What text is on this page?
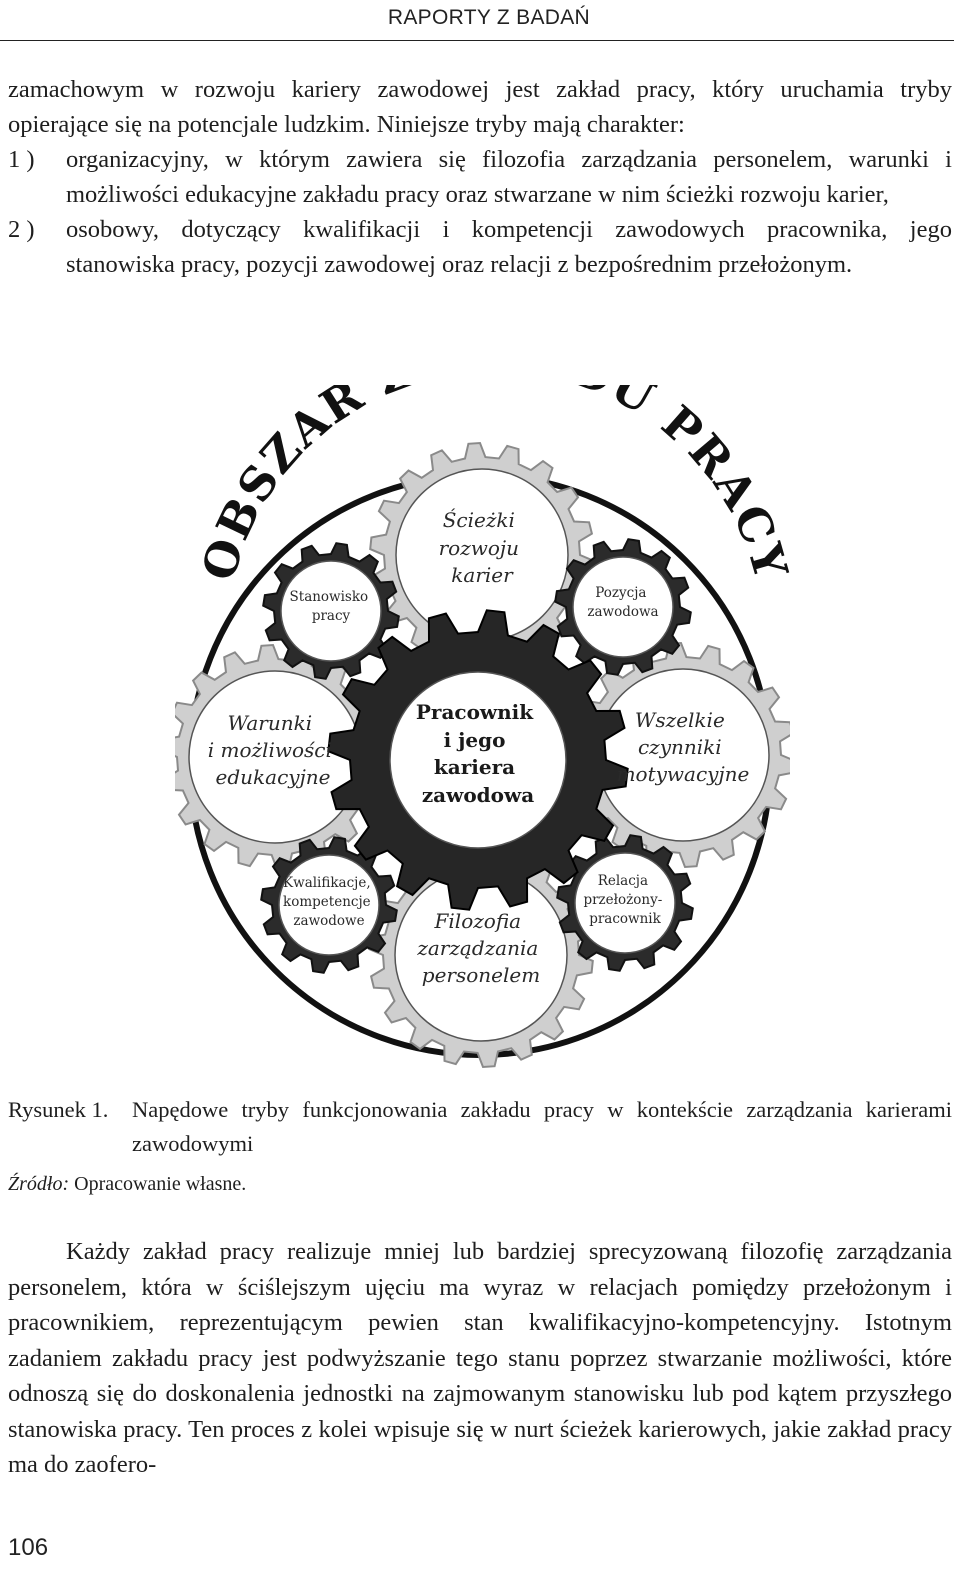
RAPORTY Z BADAŃ
zamachowym w rozwoju kariery zawodowej jest zakład pracy, który uruchamia tryby opierające się na potencjale ludzkim. Niniejsze tryby mają charakter:
1 )	organizacyjny, w którym zawiera się filozofia zarządzania personelem, warunki i możliwości edukacyjne zakładu pracy oraz stwarzane w nim ścieżki rozwoju karier,
2 )	osobowy, dotyczący kwalifikacji i kompetencji zawodowych pracownika, jego stanowiska pracy, pozycji zawodowej oraz relacji z bezpośrednim przełożonym.
OBSZAR U PRAC
Ścieżki rozwoju karier
Warunki i możliwości edukacyjne
Wszelkie czynniki motywacyjne
Filozofia zarządzania personelem
Stanowisko pracy
Pozycja zawodowa
Kwalifikacje, kompetencje zawodowe
Relacja przełożony- pracownik
Pracownik i jego kariera zawodowa
Rysunek 1.	Napędowe tryby funkcjonowania zakładu pracy w kontekście zarządzania karierami zawodowymi
Źródło: Opracowanie własne.
Każdy zakład pracy realizuje mniej lub bardziej sprecyzowaną filozofię zarządzania personelem, która w ściślejszym ujęciu ma wyraz w relacjach pomiędzy przełożonym i pracownikiem, reprezentującym pewien stan kwalifikacyjno-kompetencyjny. Istotnym zadaniem zakładu pracy jest podwyższanie tego stanu poprzez stwarzanie możliwości, które odnoszą się do doskonalenia jednostki na zajmowanym stanowisku lub pod kątem przyszłego stanowiska pracy. Ten proces z kolei wpisuje się w nurt ścieżek karierowych, jakie zakład pracy ma do zaofero-
106
